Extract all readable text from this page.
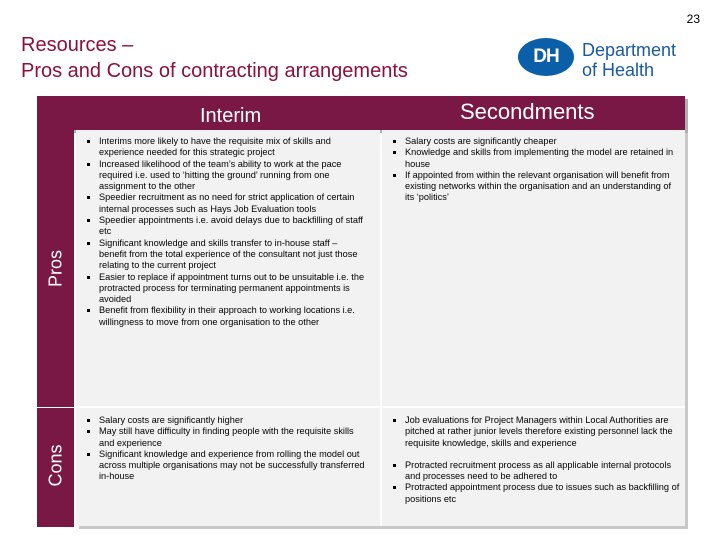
23
Resources –
Pros and Cons of contracting arrangements
DH	Department
of Health
Interim	Secondments
Pros
Cons
Interims more likely to have the requisite mix of skills and experience needed for this strategic project
Increased likelihood of the team’s ability to work at the pace required i.e. used to ‘hitting the ground’ running from one assignment to the other
Speedier recruitment as no need for strict application of certain internal processes such as Hays Job Evaluation tools
Speedier appointments i.e. avoid delays due to backfilling of staff etc
Significant knowledge and skills transfer to in-house staff – benefit from the total experience of the consultant not just those relating to the current project
Easier to replace if appointment turns out to be unsuitable i.e. the protracted process for terminating permanent appointments is avoided
Benefit from flexibility in their approach to working locations i.e. willingness to move from one organisation to the other
Salary costs are significantly cheaper
Knowledge and skills from implementing the model are retained in house
If appointed from within the relevant organisation will benefit from existing networks within the organisation and an understanding of its ‘politics’
Salary costs are significantly higher
May still have difficulty in finding people with the requisite skills and experience
Significant knowledge and experience from rolling the model out across multiple organisations may not be successfully transferred in-house
Job evaluations for Project Managers within Local Authorities are pitched at rather junior levels therefore existing personnel lack the requisite knowledge, skills and experience
Protracted recruitment process as all applicable internal protocols and processes need to be adhered to
Protracted appointment process due to issues such as backfilling of positions etc
